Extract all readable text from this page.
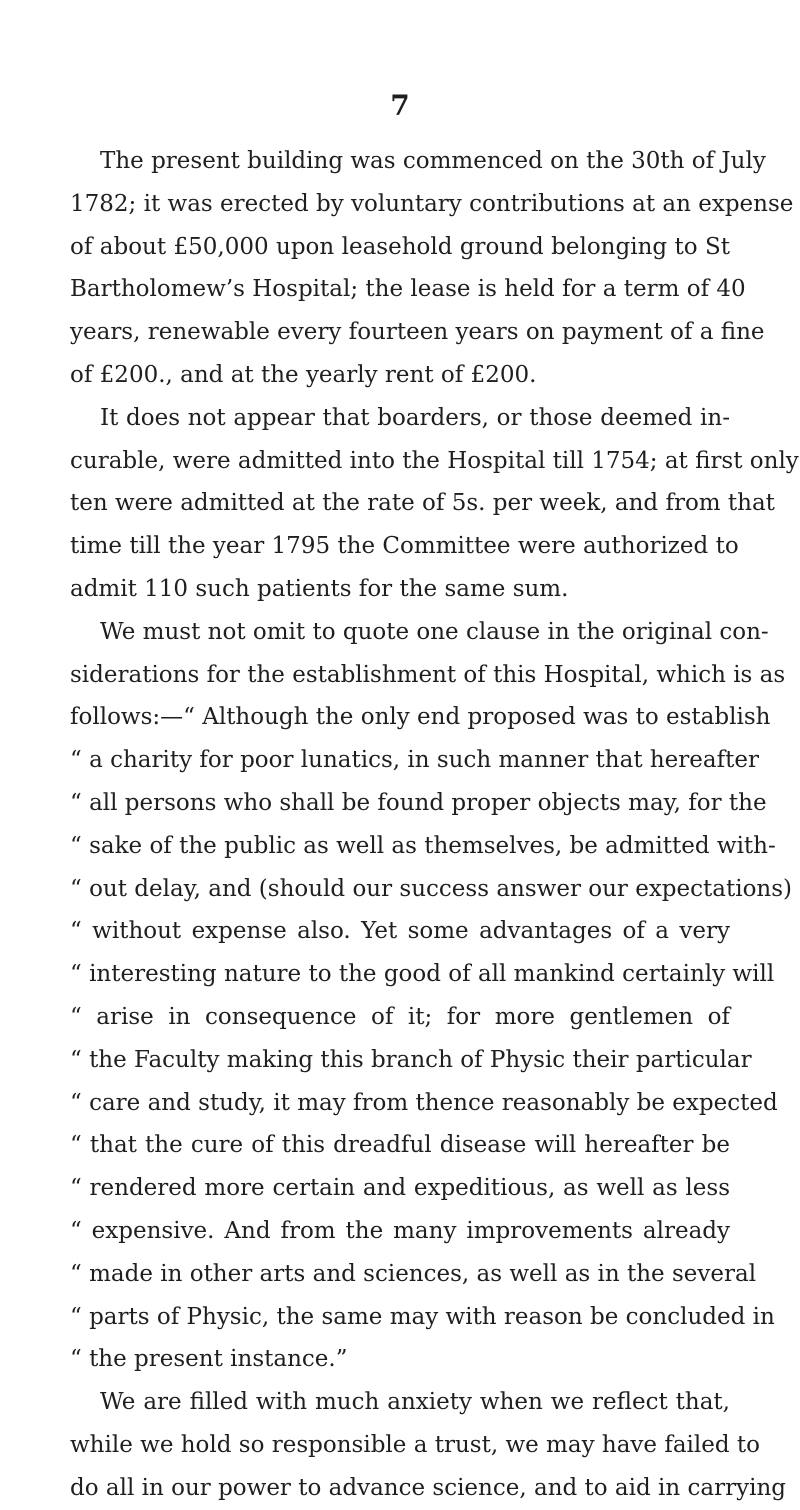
7
The present building was commenced on the 30th of July
1782; it was erected by voluntary contributions at an expense
of about £50,000 upon leasehold ground belonging to St
Bartholomew’s Hospital; the lease is held for a term of 40
years, renewable every fourteen years on payment of a fine
of £200., and at the yearly rent of £200.
It does not appear that boarders, or those deemed in-
curable, were admitted into the Hospital till 1754; at first only
ten were admitted at the rate of 5s. per week, and from that
time till the year 1795 the Committee were authorized to
admit 110 such patients for the same sum.
We must not omit to quote one clause in the original con-
siderations for the establishment of this Hospital, which is as
follows:—“ Although the only end proposed was to establish
“ a charity for poor lunatics, in such manner that hereafter
“ all persons who shall be found proper objects may, for the
“ sake of the public as well as themselves, be admitted with-
“ out delay, and (should our success answer our expectations)
“ without expense also. Yet some advantages of a very
“ interesting nature to the good of all mankind certainly will
“ arise in consequence of it; for more gentlemen of
“ the Faculty making this branch of Physic their particular
“ care and study, it may from thence reasonably be expected
“ that the cure of this dreadful disease will hereafter be
“ rendered more certain and expeditious, as well as less
“ expensive. And from the many improvements already
“ made in other arts and sciences, as well as in the several
“ parts of Physic, the same may with reason be concluded in
“ the present instance.”
We are filled with much anxiety when we reflect that,
while we hold so responsible a trust, we may have failed to
do all in our power to advance science, and to aid in carrying
